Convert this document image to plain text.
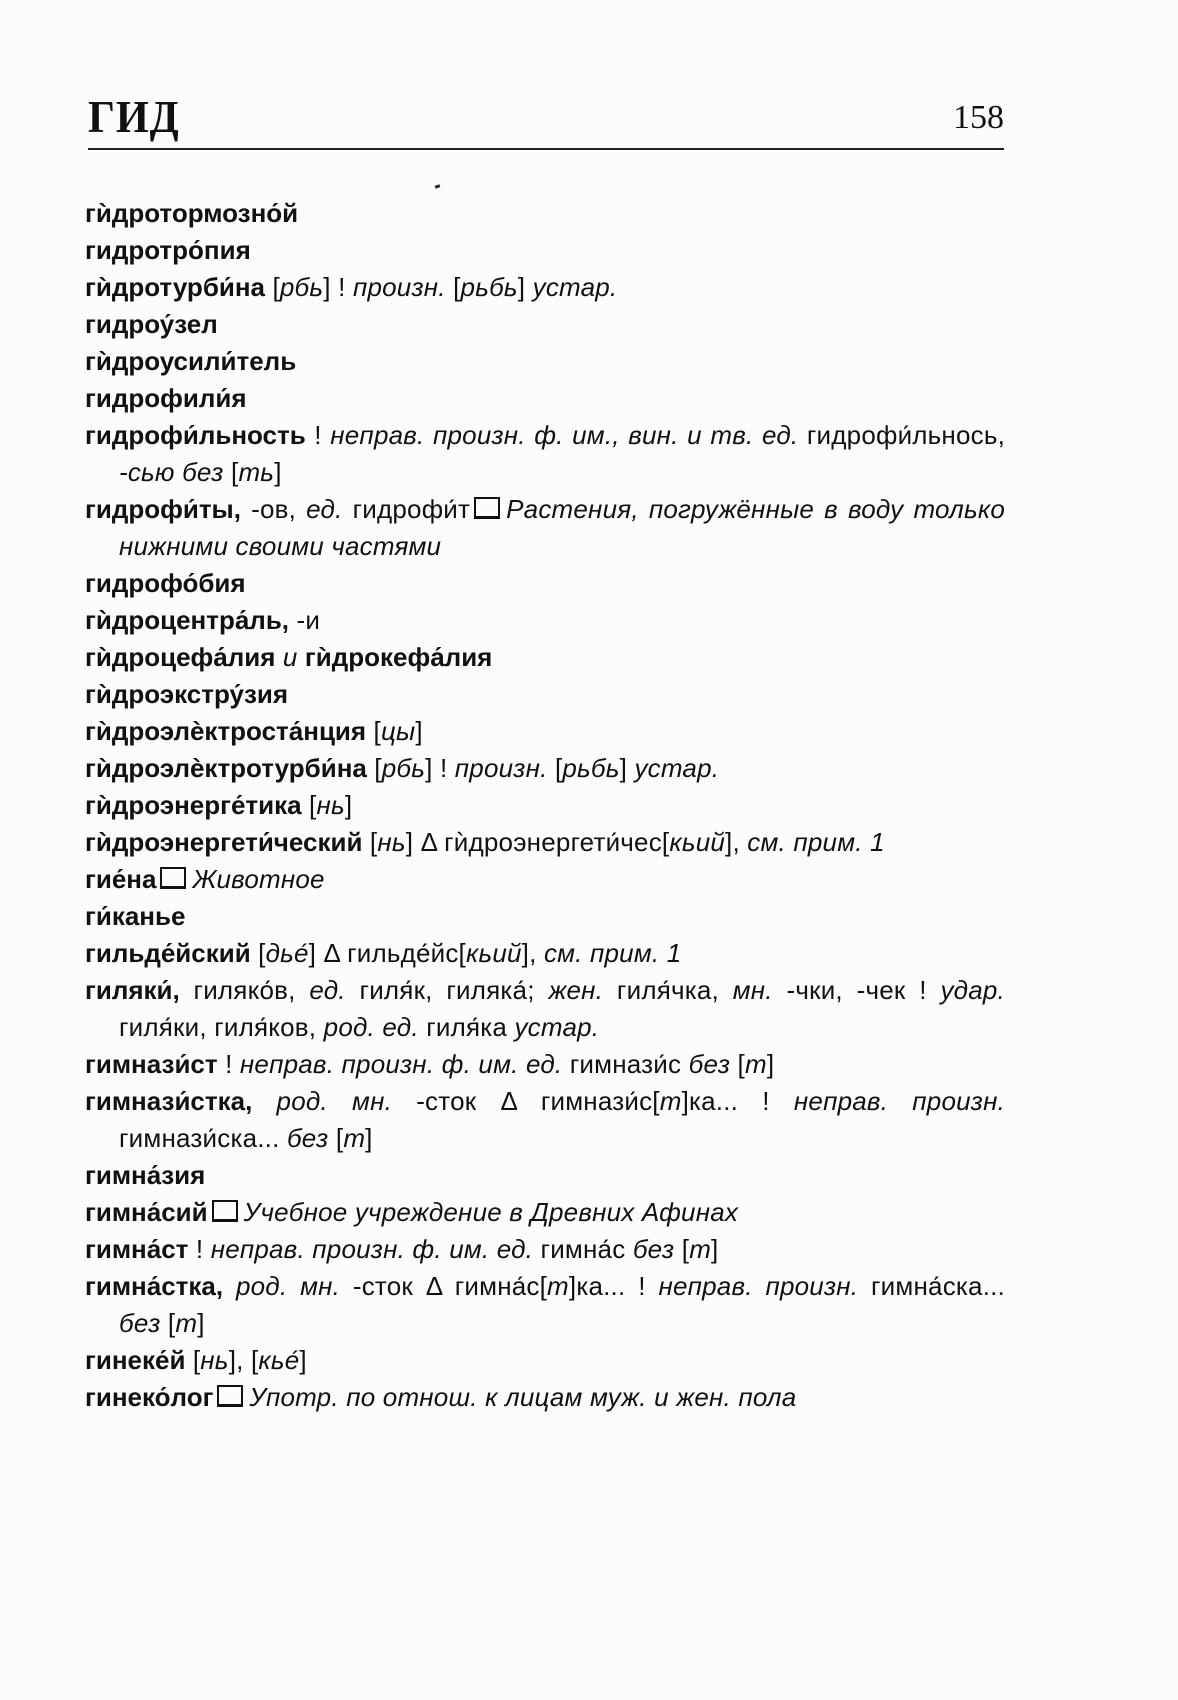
ГИД	158
гѝдротормозно́й
гидротро́пия
гѝдротурби́на [рбь] ! произн. [рьбь] устар.
гидроу́зел
гѝдроусили́тель
гидрофили́я
гидрофи́льность ! неправ. произн. ф. им., вин. и тв. ед. гидрофи́льнось, -сью без [ть]
гидрофи́ты, -ов, ед. гидрофи́т Растения, погружённые в воду только нижними своими частями
гидрофо́бия
гѝдроцентра́ль, -и
гѝдроцефа́лия и гѝдрокефа́лия
гѝдроэкстру́зия
гѝдроэлѐктроста́нция [цы]
гѝдроэлѐктротурби́на [рбь] ! произн. [рьбь] устар.
гѝдроэнерге́тика [нь]
гѝдроэнергети́ческий [нь] Δ гѝдроэнергети́чес[кьий], см. прим. 1
гие́на Животное
ги́канье
гильде́йский [дье́] Δ гильде́йс[кьий], см. прим. 1
гиляки́, гиляко́в, ед. гиля́к, гиляка́; жен. гиля́чка, мн. -чки, -чек ! удар. гиля́ки, гиля́ков, род. ед. гиля́ка устар.
гимнази́ст ! неправ. произн. ф. им. ед. гимнази́с без [т]
гимнази́стка, род. мн. -сток Δ гимнази́с[т]ка... ! неправ. произн. гимнази́ска... без [т]
гимна́зия
гимна́сий Учебное учреждение в Древних Афинах
гимна́ст ! неправ. произн. ф. им. ед. гимна́с без [т]
гимна́стка, род. мн. -сток Δ гимна́с[т]ка... ! неправ. произн. гимна́ска... без [т]
гинеке́й [нь], [кье́]
гинеко́лог Употр. по отнош. к лицам муж. и жен. пола
